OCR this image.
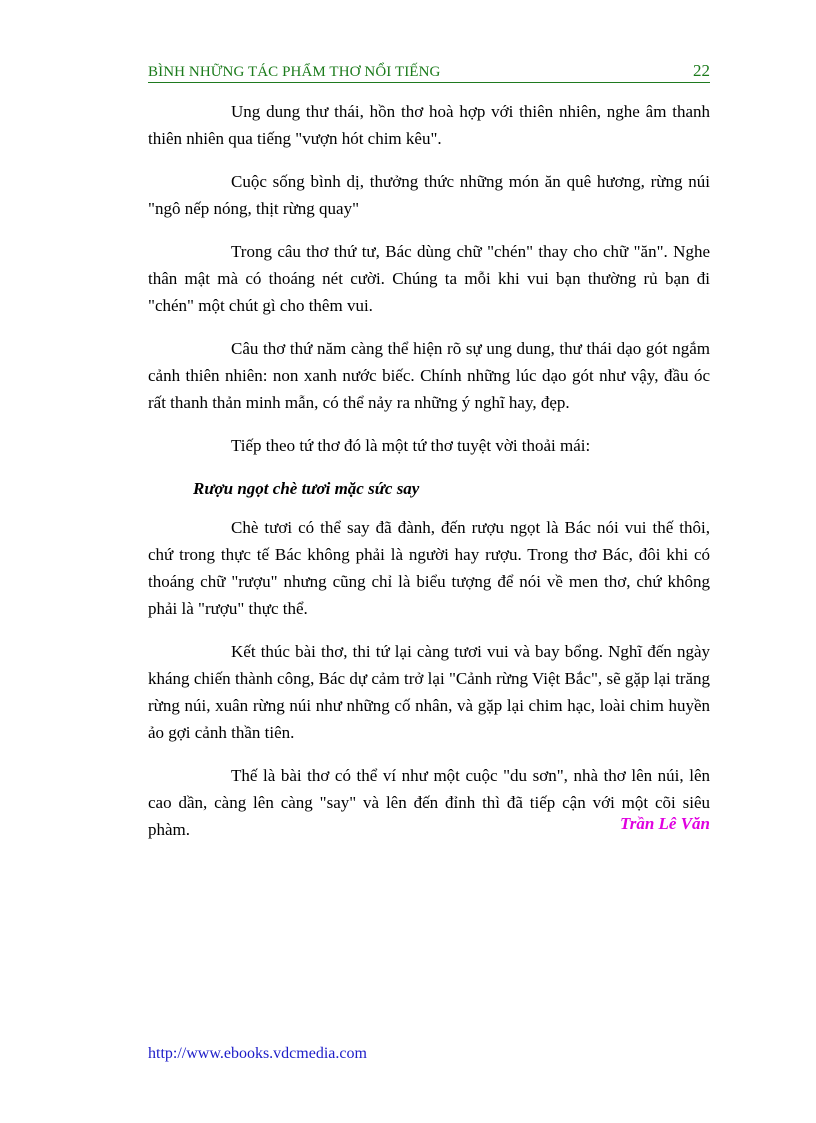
BÌNH NHỮNG TÁC PHẨM THƠ NỔI TIẾNG	22

Ung dung thư thái, hồn thơ hoà hợp với thiên nhiên, nghe âm thanh thiên nhiên qua tiếng "vượn hót chim kêu".

Cuộc sống bình dị, thưởng thức những món ăn quê hương, rừng núi "ngô nếp nóng, thịt rừng quay"

Trong câu thơ thứ tư, Bác dùng chữ "chén" thay cho chữ "ăn". Nghe thân mật mà có thoáng nét cười. Chúng ta mỗi khi vui bạn thường rủ bạn đi "chén" một chút gì cho thêm vui.

Câu thơ thứ năm càng thể hiện rõ sự ung dung, thư thái dạo gót ngắm cảnh thiên nhiên: non xanh nước biếc. Chính những lúc dạo gót như vậy, đầu óc rất thanh thản minh mẫn, có thể nảy ra những ý nghĩ hay, đẹp.

Tiếp theo tứ thơ đó là một tứ thơ tuyệt vời thoải mái:

Rượu ngọt chè tươi mặc sức say

Chè tươi có thể say đã đành, đến rượu ngọt là Bác nói vui thế thôi, chứ trong thực tế Bác không phải là người hay rượu. Trong thơ Bác, đôi khi có thoáng chữ "rượu" nhưng cũng chỉ là biểu tượng để nói về men thơ, chứ không phải là "rượu" thực thể.

Kết thúc bài thơ, thi tứ lại càng tươi vui và bay bổng. Nghĩ đến ngày kháng chiến thành công, Bác dự cảm trở lại "Cảnh rừng Việt Bắc", sẽ gặp lại trăng rừng núi, xuân rừng núi như những cố nhân, và gặp lại chim hạc, loài chim huyền ảo gợi cảnh thần tiên.

Thế là bài thơ có thể ví như một cuộc "du sơn", nhà thơ lên núi, lên cao dần, càng lên càng "say" và lên đến đỉnh thì đã tiếp cận với một cõi siêu phàm.	Trần Lê Văn
http://www.ebooks.vdcmedia.com
